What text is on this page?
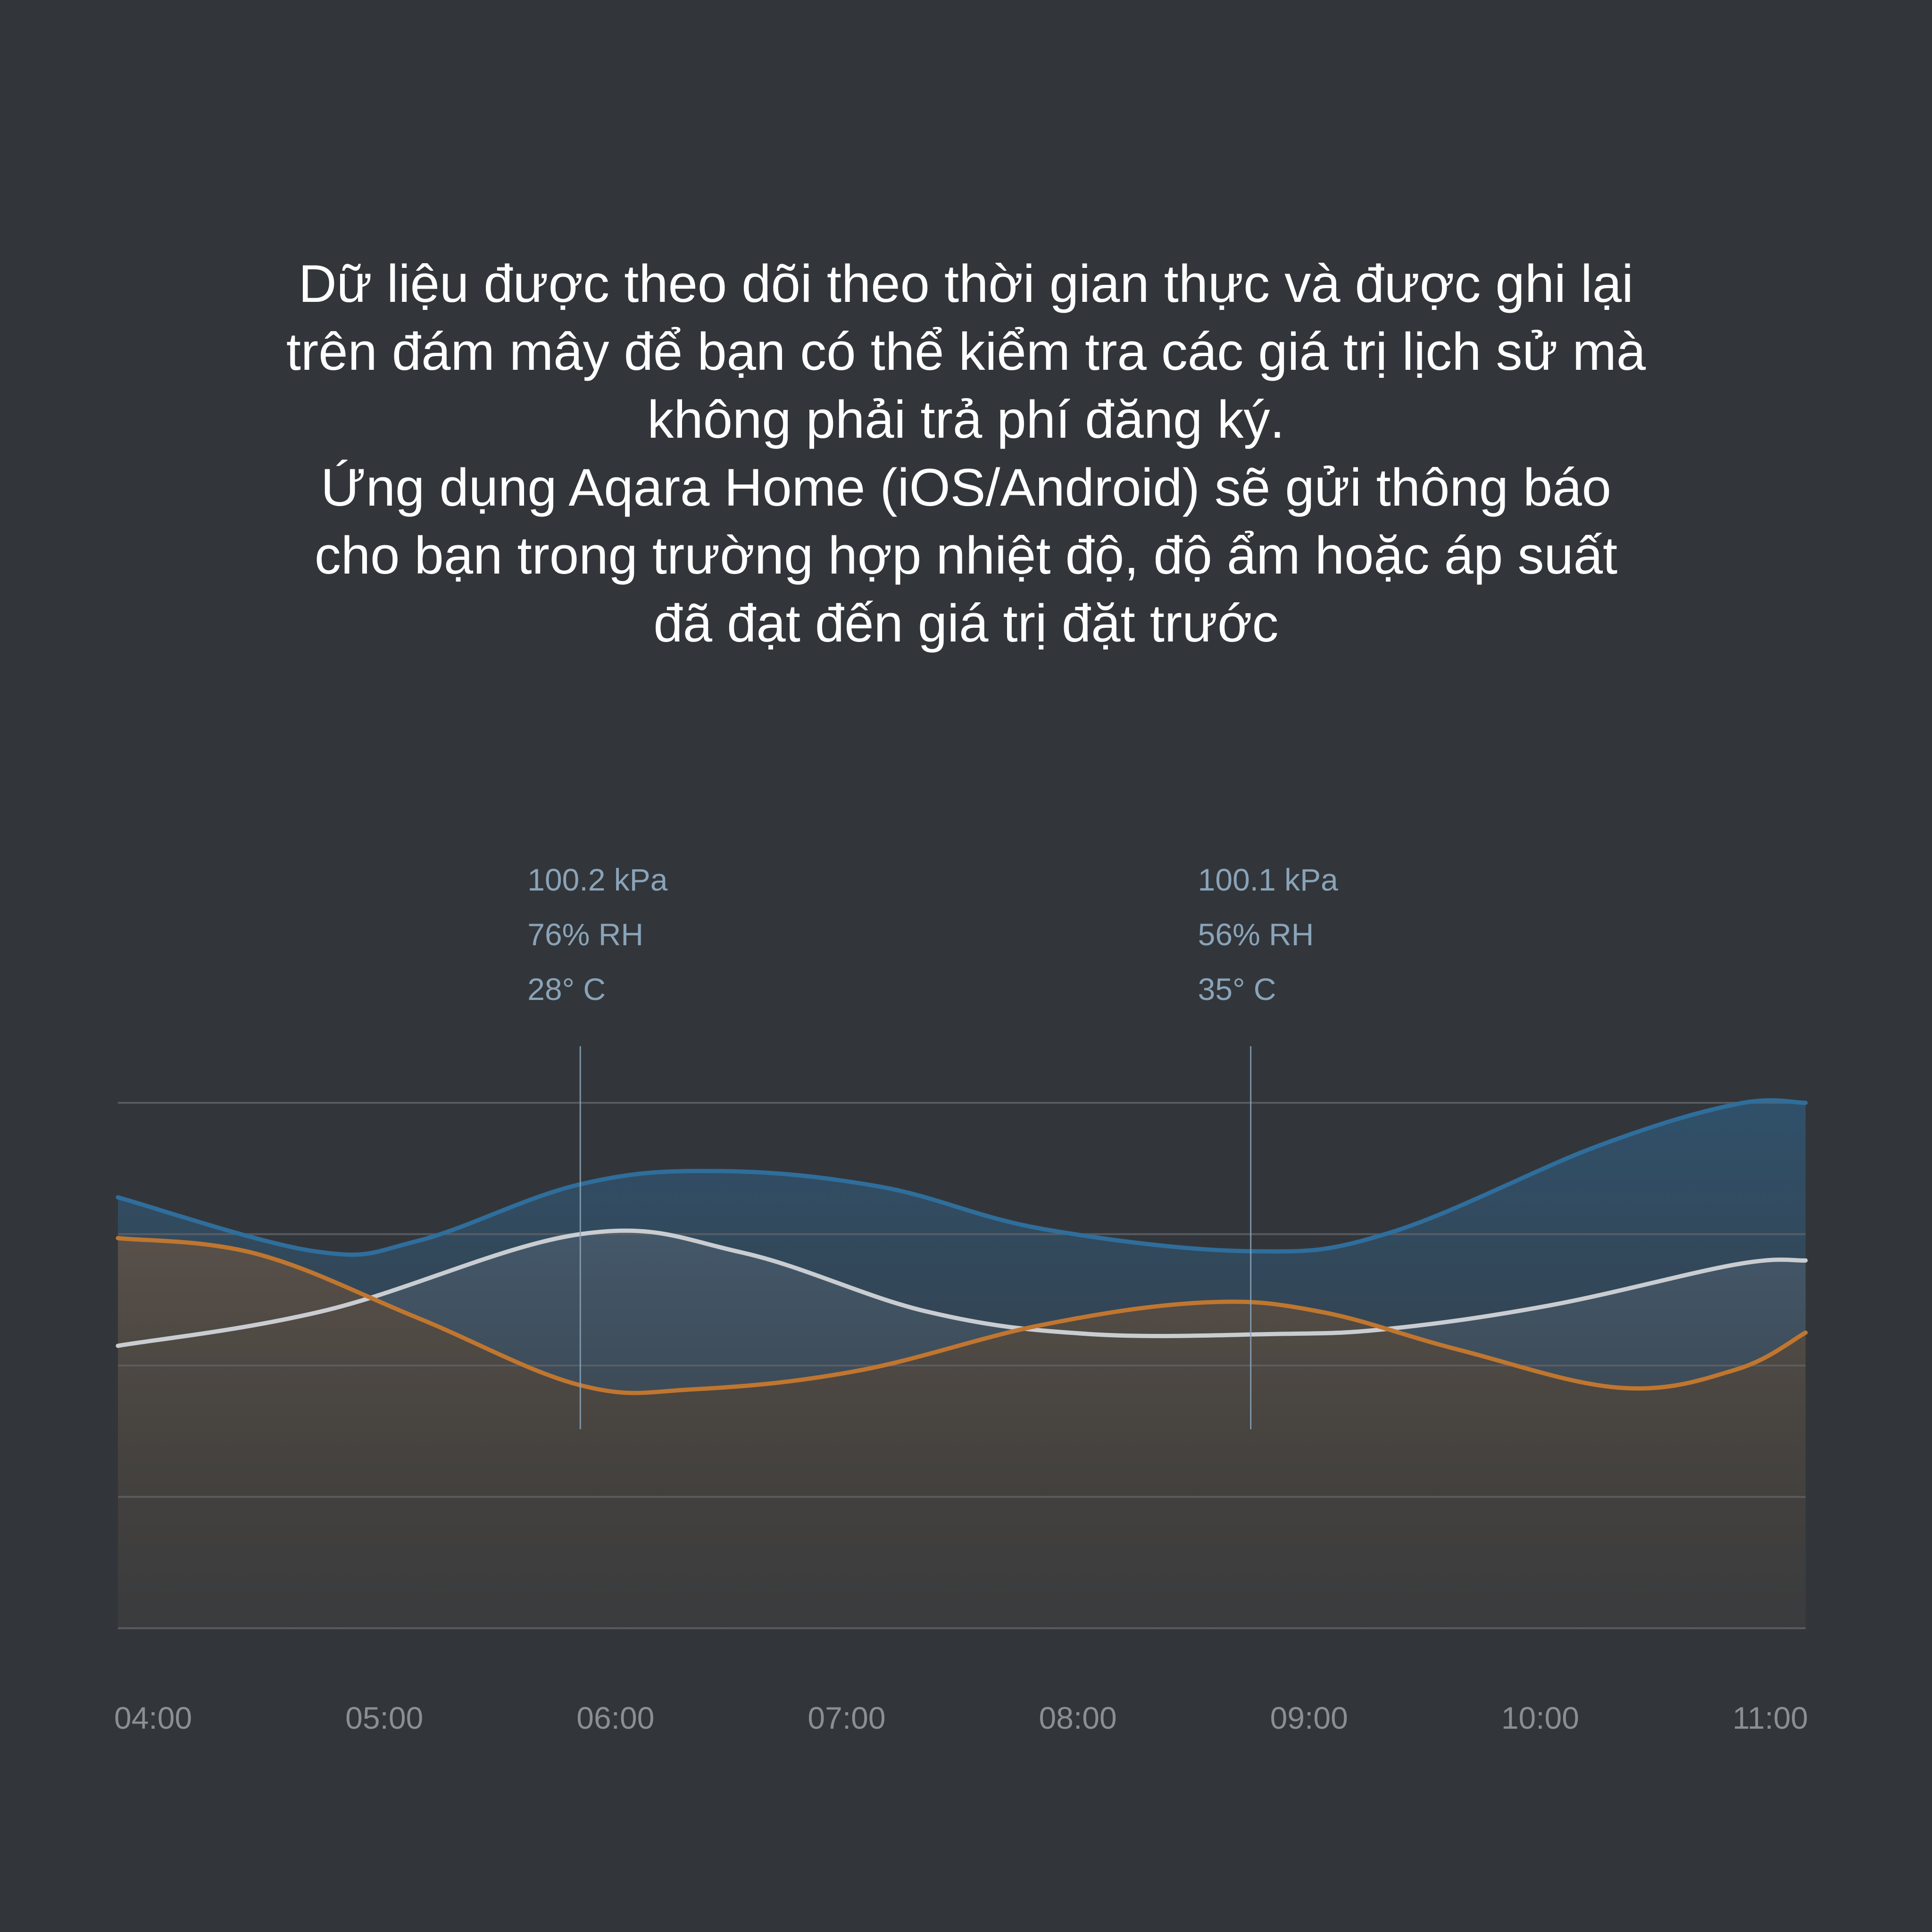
Dữ liệu được theo dõi theo thời gian thực và được ghi lại
trên đám mây để bạn có thể kiểm tra các giá trị lịch sử mà
không phải trả phí đăng ký.
Ứng dụng Aqara Home (iOS/Android) sẽ gửi thông báo
cho bạn trong trường hợp nhiệt độ, độ ẩm hoặc áp suất
đã đạt đến giá trị đặt trước
100.2 kPa
76% RH
28° C
100.1 kPa
56% RH
35° C
04:00	05:00	06:00	07:00	08:00	09:00	10:00	11:00
